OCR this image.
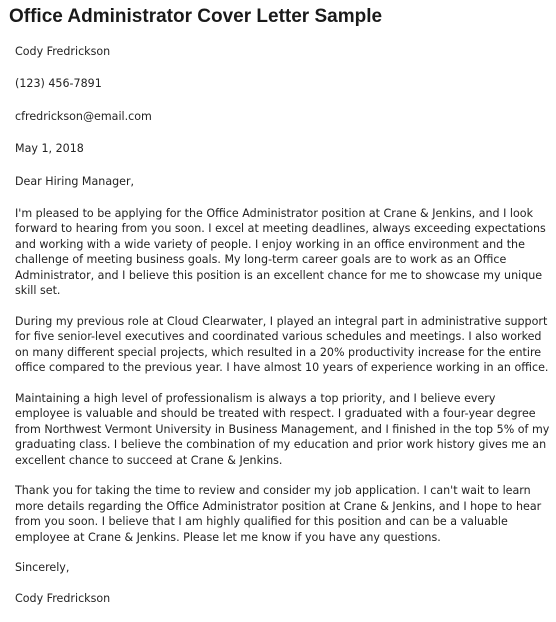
Office Administrator Cover Letter Sample

Cody Fredrickson

(123) 456-7891

cfredrickson@email.com

May 1, 2018

Dear Hiring Manager,

I'm pleased to be applying for the Office Administrator position at Crane & Jenkins, and I look forward to hearing from you soon. I excel at meeting deadlines, always exceeding expectations and working with a wide variety of people. I enjoy working in an office environment and the challenge of meeting business goals. My long-term career goals are to work as an Office Administrator, and I believe this position is an excellent chance for me to showcase my unique skill set.

During my previous role at Cloud Clearwater, I played an integral part in administrative support for five senior-level executives and coordinated various schedules and meetings. I also worked on many different special projects, which resulted in a 20% productivity increase for the entire office compared to the previous year. I have almost 10 years of experience working in an office.

Maintaining a high level of professionalism is always a top priority, and I believe every employee is valuable and should be treated with respect. I graduated with a four-year degree from Northwest Vermont University in Business Management, and I finished in the top 5% of my graduating class. I believe the combination of my education and prior work history gives me an excellent chance to succeed at Crane & Jenkins.

Thank you for taking the time to review and consider my job application. I can't wait to learn more details regarding the Office Administrator position at Crane & Jenkins, and I hope to hear from you soon. I believe that I am highly qualified for this position and can be a valuable employee at Crane & Jenkins. Please let me know if you have any questions.

Sincerely,

Cody Fredrickson
